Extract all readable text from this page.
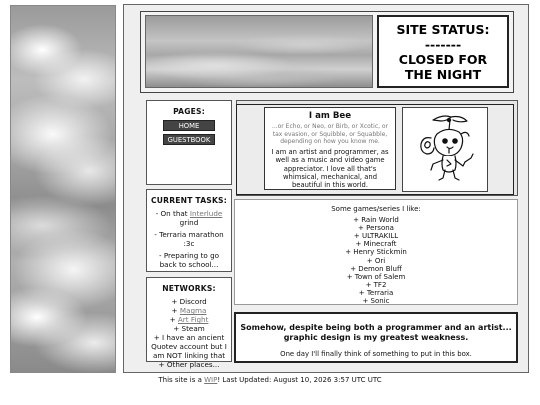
SITE STATUS:
-------
CLOSED FOR
THE NIGHT
PAGES:
HOME
GUESTBOOK
CURRENT TASKS:

- On that Interlude
grind

- Terraria marathon :3c

- Preparing to go back to school...

NETWORKS:
+ Discord
+ Magma
+ Art Fight
+ Steam
+ I have an ancient Quotev account but I am NOT linking that
+ Other places...
I am Bee
...or Echo, or Neo, or Birb, or Xcotic, or tax evasion, or Squibble, or Squabble, depending on how you know me.
I am an artist and programmer, as well as a music and video game appreciator. I love all that's whimsical, mechanical, and beautiful in this world.
Some games/series I like:
+ Rain World
+ Persona
+ ULTRAKILL
+ Minecraft
+ Henry Stickmin
+ Ori
+ Demon Bluff
+ Town of Salem
+ TF2
+ Terraria
+ Sonic
Somehow, despite being both a programmer and an artist... graphic design is my greatest weakness.
One day I'll finally think of something to put in this box.
This site is a WIP! Last Updated: August 10, 2026 3:57 UTC UTC
